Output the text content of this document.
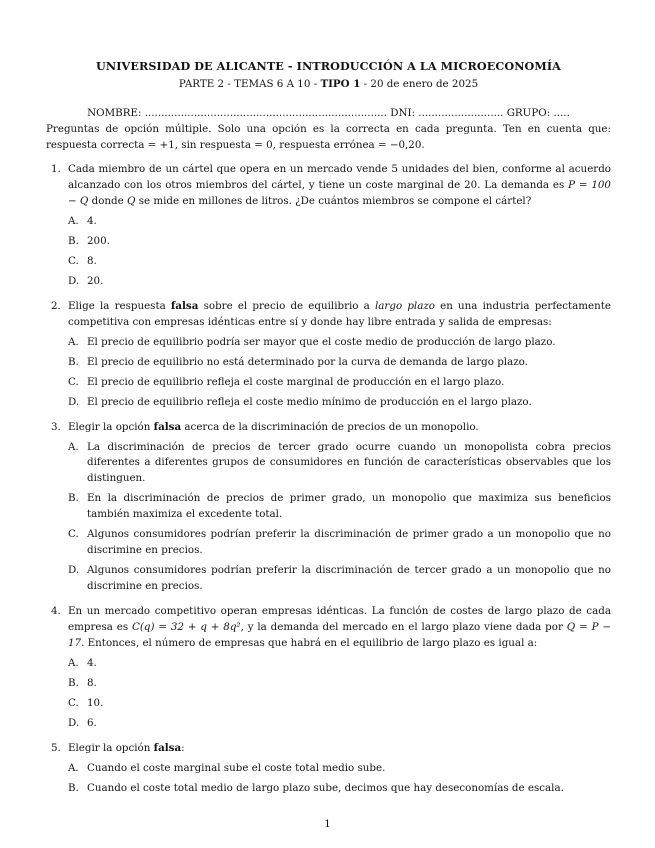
UNIVERSIDAD DE ALICANTE - INTRODUCCIÓN A LA MICROECONOMÍA

PARTE 2 - TEMAS 6 A 10 - TIPO 1 - 20 de enero de 2025

NOMBRE: .......................................................................... DNI: .......................... GRUPO: .....

Preguntas de opción múltiple. Solo una opción es la correcta en cada pregunta. Ten en cuenta que: respuesta correcta = +1, sin respuesta = 0, respuesta errónea = −0,20.

1. Cada miembro de un cártel que opera en un mercado vende 5 unidades del bien, conforme al acuerdo alcanzado con los otros miembros del cártel, y tiene un coste marginal de 20. La demanda es P = 100 − Q donde Q se mide en millones de litros. ¿De cuántos miembros se compone el cártel?
A. 4.
B. 200.
C. 8.
D. 20.
2. Elige la respuesta falsa sobre el precio de equilibrio a largo plazo en una industria perfectamente competitiva con empresas idénticas entre sí y donde hay libre entrada y salida de empresas:
A. El precio de equilibrio podría ser mayor que el coste medio de producción de largo plazo.
B. El precio de equilibrio no está determinado por la curva de demanda de largo plazo.
C. El precio de equilibrio refleja el coste marginal de producción en el largo plazo.
D. El precio de equilibrio refleja el coste medio mínimo de producción en el largo plazo.
3. Elegir la opción falsa acerca de la discriminación de precios de un monopolio.
A. La discriminación de precios de tercer grado ocurre cuando un monopolista cobra precios diferentes a diferentes grupos de consumidores en función de características observables que los distinguen.
B. En la discriminación de precios de primer grado, un monopolio que maximiza sus beneficios también maximiza el excedente total.
C. Algunos consumidores podrían preferir la discriminación de primer grado a un monopolio que no discrimine en precios.
D. Algunos consumidores podrían preferir la discriminación de tercer grado a un monopolio que no discrimine en precios.
4. En un mercado competitivo operan empresas idénticas. La función de costes de largo plazo de cada empresa es C(q) = 32 + q + 8q², y la demanda del mercado en el largo plazo viene dada por Q = P − 17. Entonces, el número de empresas que habrá en el equilibrio de largo plazo es igual a:
A. 4.
B. 8.
C. 10.
D. 6.
5. Elegir la opción falsa:
A. Cuando el coste marginal sube el coste total medio sube.
B. Cuando el coste total medio de largo plazo sube, decimos que hay deseconomías de escala.
1
